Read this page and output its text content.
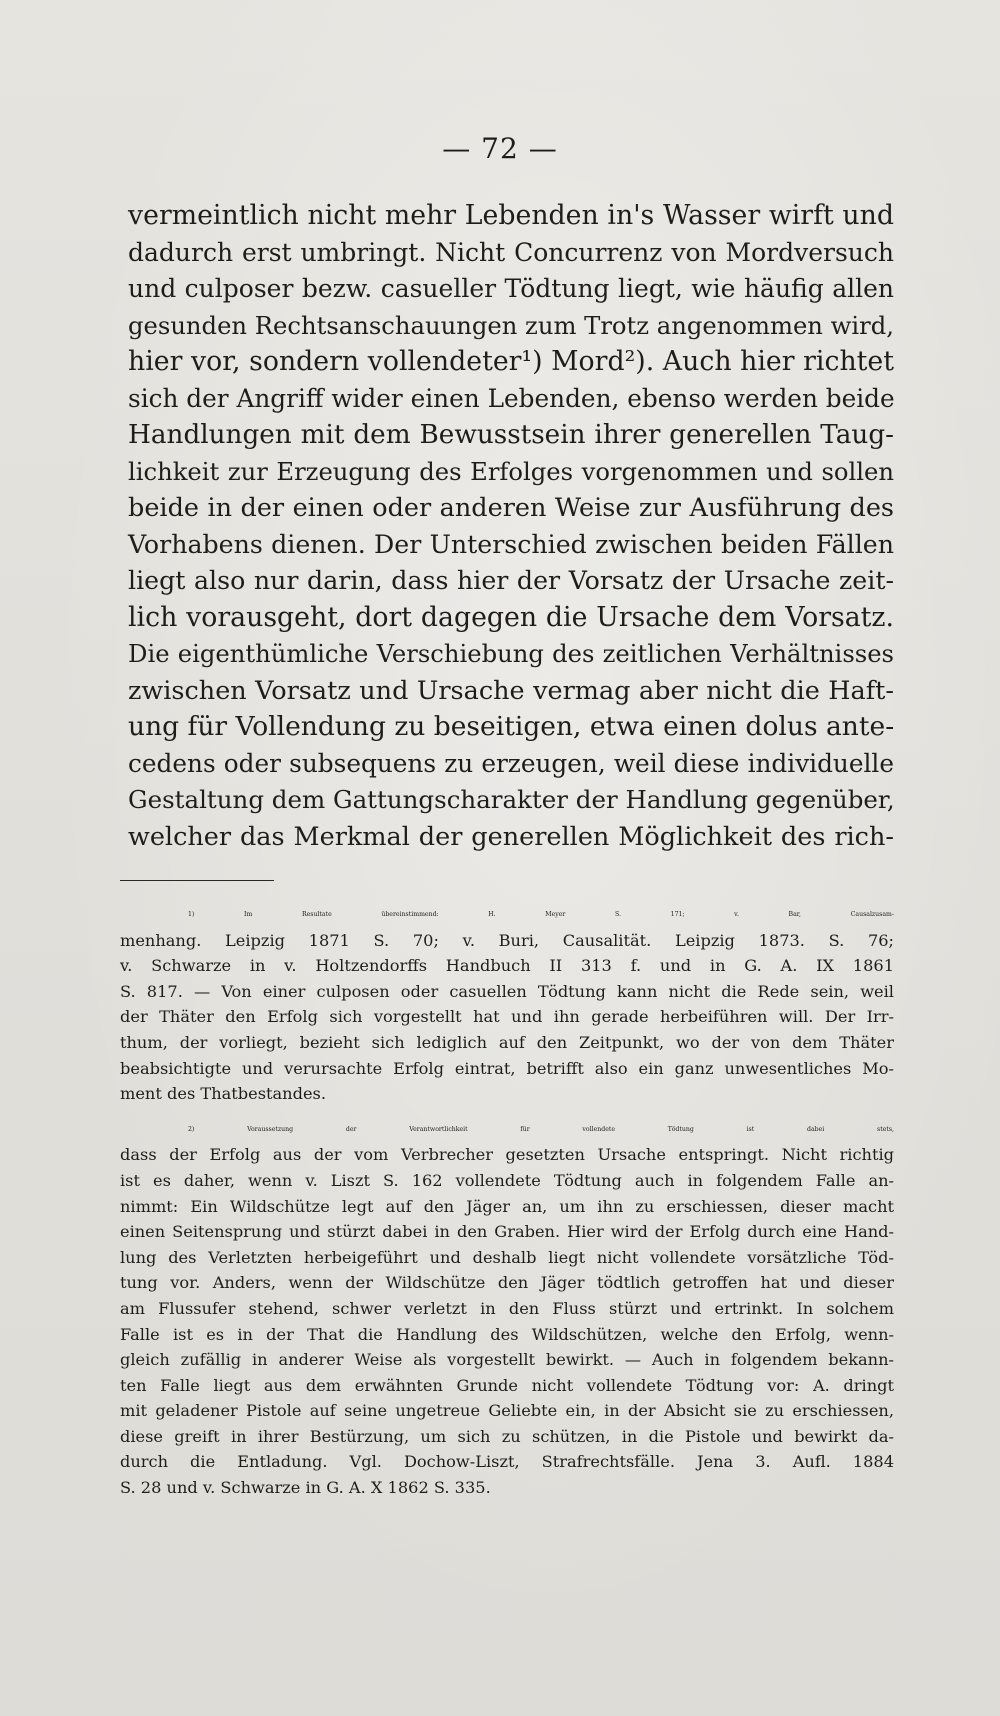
— 72 —
vermeintlich nicht mehr Lebenden in's Wasser wirft und
dadurch erst umbringt. Nicht Concurrenz von Mordversuch
und culposer bezw. casueller Tödtung liegt, wie häufig allen
gesunden Rechtsanschauungen zum Trotz angenommen wird,
hier vor, sondern vollendeter¹) Mord²). Auch hier richtet
sich der Angriff wider einen Lebenden, ebenso werden beide
Handlungen mit dem Bewusstsein ihrer generellen Taug-
lichkeit zur Erzeugung des Erfolges vorgenommen und sollen
beide in der einen oder anderen Weise zur Ausführung des
Vorhabens dienen. Der Unterschied zwischen beiden Fällen
liegt also nur darin, dass hier der Vorsatz der Ursache zeit-
lich vorausgeht, dort dagegen die Ursache dem Vorsatz.
Die eigenthümliche Verschiebung des zeitlichen Verhältnisses
zwischen Vorsatz und Ursache vermag aber nicht die Haft-
ung für Vollendung zu beseitigen, etwa einen dolus ante-
cedens oder subsequens zu erzeugen, weil diese individuelle
Gestaltung dem Gattungscharakter der Handlung gegenüber,
welcher das Merkmal der generellen Möglichkeit des rich-
1) Im Resultate übereinstimmend: H. Meyer S. 171; v. Bar, Causalzusam-
menhang. Leipzig 1871 S. 70; v. Buri, Causalität. Leipzig 1873. S. 76;
v. Schwarze in v. Holtzendorffs Handbuch II 313 f. und in G. A. IX 1861
S. 817. — Von einer culposen oder casuellen Tödtung kann nicht die Rede sein, weil
der Thäter den Erfolg sich vorgestellt hat und ihn gerade herbeiführen will. Der Irr-
thum, der vorliegt, bezieht sich lediglich auf den Zeitpunkt, wo der von dem Thäter
beabsichtigte und verursachte Erfolg eintrat, betrifft also ein ganz unwesentliches Mo-
ment des Thatbestandes.
2) Voraussetzung der Verantwortlichkeit für vollendete Tödtung ist dabei stets,
dass der Erfolg aus der vom Verbrecher gesetzten Ursache entspringt. Nicht richtig
ist es daher, wenn v. Liszt S. 162 vollendete Tödtung auch in folgendem Falle an-
nimmt: Ein Wildschütze legt auf den Jäger an, um ihn zu erschiessen, dieser macht
einen Seitensprung und stürzt dabei in den Graben. Hier wird der Erfolg durch eine Hand-
lung des Verletzten herbeigeführt und deshalb liegt nicht vollendete vorsätzliche Töd-
tung vor. Anders, wenn der Wildschütze den Jäger tödtlich getroffen hat und dieser
am Flussufer stehend, schwer verletzt in den Fluss stürzt und ertrinkt. In solchem
Falle ist es in der That die Handlung des Wildschützen, welche den Erfolg, wenn-
gleich zufällig in anderer Weise als vorgestellt bewirkt. — Auch in folgendem bekann-
ten Falle liegt aus dem erwähnten Grunde nicht vollendete Tödtung vor: A. dringt
mit geladener Pistole auf seine ungetreue Geliebte ein, in der Absicht sie zu erschiessen,
diese greift in ihrer Bestürzung, um sich zu schützen, in die Pistole und bewirkt da-
durch die Entladung. Vgl. Dochow-Liszt, Strafrechtsfälle. Jena 3. Aufl. 1884
S. 28 und v. Schwarze in G. A. X 1862 S. 335.
